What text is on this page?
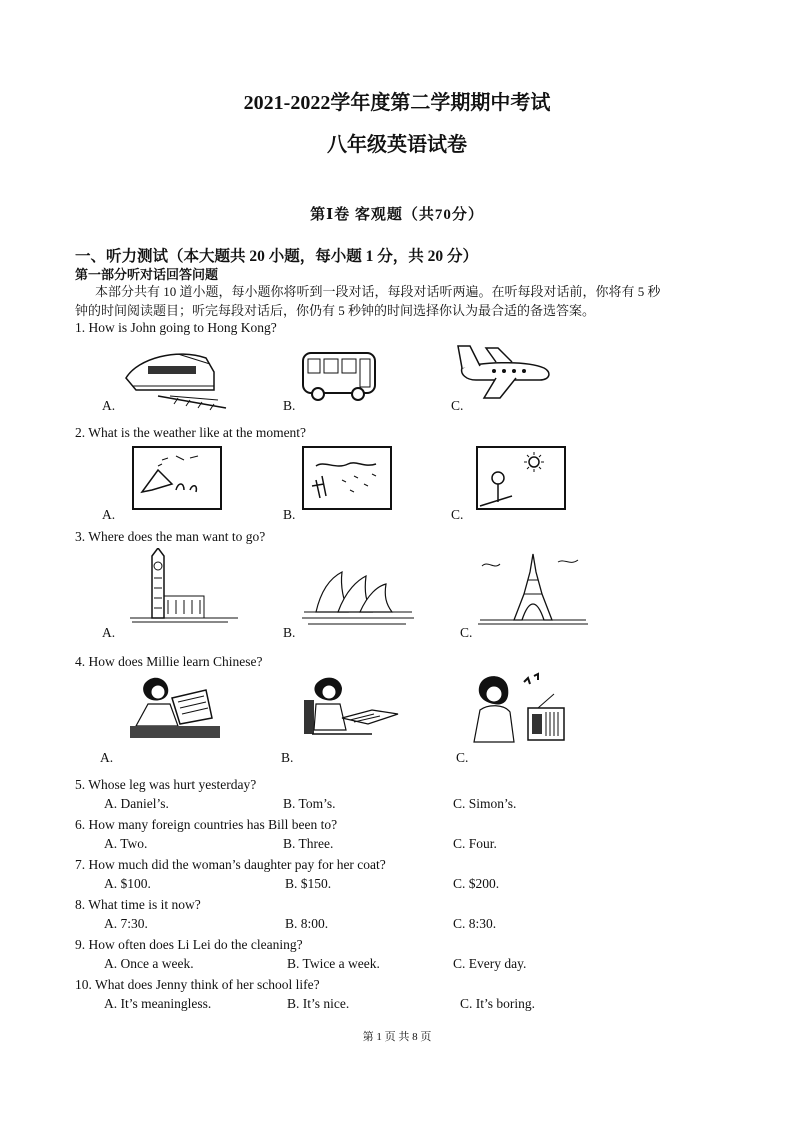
2021-2022学年度第二学期期中考试
八年级英语试卷
第Ⅰ卷 客观题（共70分）
一、听力测试（本大题共 20 小题，每小题 1 分，共 20 分）
第一部分听对话回答问题
本部分共有 10 道小题，每小题你将听到一段对话，每段对话听两遍。在听每段对话前，你将有 5 秒
钟的时间阅读题目；听完每段对话后，你仍有 5 秒钟的时间选择你认为最合适的备选答案。
1. How is John going to Hong Kong?
A.	B.	C.
2. What is the weather like at the moment?
A.	B.	C.
3. Where does the man want to go?
A.	B.	C.
4. How does Millie learn Chinese?
A.	B.	C.
5. Whose leg was hurt yesterday?
A. Daniel’s.	B. Tom’s.	C. Simon’s.
6. How many foreign countries has Bill been to?
A. Two.	B. Three.	C. Four.
7. How much did the woman’s daughter pay for her coat?
A. $100.	B. $150.	C. $200.
8. What time is it now?
A. 7:30.	B. 8:00.	C. 8:30.
9. How often does Li Lei do the cleaning?
A. Once a week.	B. Twice a week.	C. Every day.
10. What does Jenny think of her school life?
A. It’s meaningless.	B. It’s nice.	C. It’s boring.
第 1 页 共 8 页
